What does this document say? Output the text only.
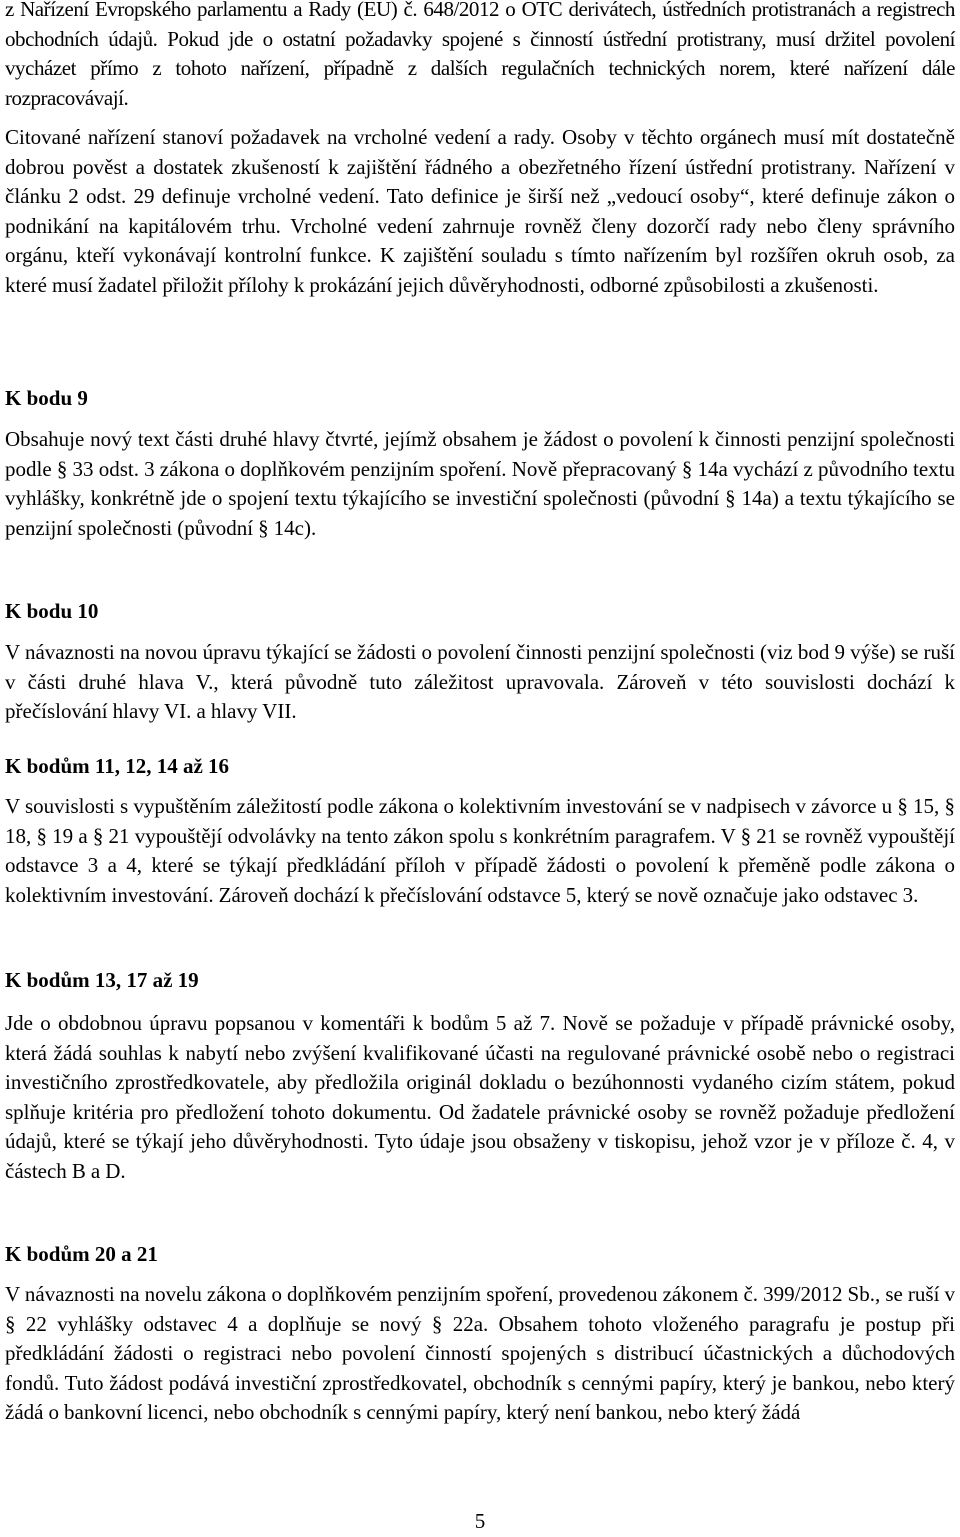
z Nařízení Evropského parlamentu a Rady (EU) č. 648/2012 o OTC derivátech, ústředních protistranách a registrech obchodních údajů. Pokud jde o ostatní požadavky spojené s činností ústřední protistrany, musí držitel povolení vycházet přímo z tohoto nařízení, případně z dalších regulačních technických norem, které nařízení dále rozpracovávají.
Citované nařízení stanoví požadavek na vrcholné vedení a rady. Osoby v těchto orgánech musí mít dostatečně dobrou pověst a dostatek zkušeností k zajištění řádného a obezřetného řízení ústřední protistrany. Nařízení v článku 2 odst. 29 definuje vrcholné vedení. Tato definice je širší než „vedoucí osoby“, které definuje zákon o podnikání na kapitálovém trhu. Vrcholné vedení zahrnuje rovněž členy dozorčí rady nebo členy správního orgánu, kteří vykonávají kontrolní funkce. K zajištění souladu s tímto nařízením byl rozšířen okruh osob, za které musí žadatel přiložit přílohy k prokázání jejich důvěryhodnosti, odborné způsobilosti a zkušenosti.
K bodu 9
Obsahuje nový text části druhé hlavy čtvrté, jejímž obsahem je žádost o povolení k činnosti penzijní společnosti podle § 33 odst. 3 zákona o doplňkovém penzijním spoření. Nově přepracovaný § 14a vychází z původního textu vyhlášky, konkrétně jde o spojení textu týkajícího se investiční společnosti (původní § 14a) a textu týkajícího se penzijní společnosti (původní § 14c).
K bodu 10
V návaznosti na novou úpravu týkající se žádosti o povolení činnosti penzijní společnosti (viz bod 9 výše) se ruší v části druhé hlava V., která původně tuto záležitost upravovala. Zároveň v této souvislosti dochází k přečíslování hlavy VI. a hlavy VII.
K bodům 11, 12, 14 až 16
V souvislosti s vypuštěním záležitostí podle zákona o kolektivním investování se v nadpisech v závorce u § 15, § 18, § 19 a § 21 vypouštějí odvolávky na tento zákon spolu s konkrétním paragrafem. V § 21 se rovněž vypouštějí odstavce 3 a 4, které se týkají předkládání příloh v případě žádosti o povolení k přeměně podle zákona o kolektivním investování. Zároveň dochází k přečíslování odstavce 5, který se nově označuje jako odstavec 3.
K bodům 13, 17 až 19
Jde o obdobnou úpravu popsanou v komentáři k bodům 5 až 7. Nově se požaduje v případě právnické osoby, která žádá souhlas k nabytí nebo zvýšení kvalifikované účasti na regulované právnické osobě nebo o registraci investičního zprostředkovatele, aby předložila originál dokladu o bezúhonnosti vydaného cizím státem, pokud splňuje kritéria pro předložení tohoto dokumentu. Od žadatele právnické osoby se rovněž požaduje předložení údajů, které se týkají jeho důvěryhodnosti. Tyto údaje jsou obsaženy v tiskopisu, jehož vzor je v příloze č. 4, v částech B a D.
K bodům 20 a 21
V návaznosti na novelu zákona o doplňkovém penzijním spoření, provedenou zákonem č. 399/2012 Sb., se ruší v § 22 vyhlášky odstavec 4 a doplňuje se nový § 22a. Obsahem tohoto vloženého paragrafu je postup při předkládání žádosti o registraci nebo povolení činností spojených s distribucí účastnických a důchodových fondů. Tuto žádost podává investiční zprostředkovatel, obchodník s cennými papíry, který je bankou, nebo který žádá o bankovní licenci, nebo obchodník s cennými papíry, který není bankou, nebo který žádá
5
